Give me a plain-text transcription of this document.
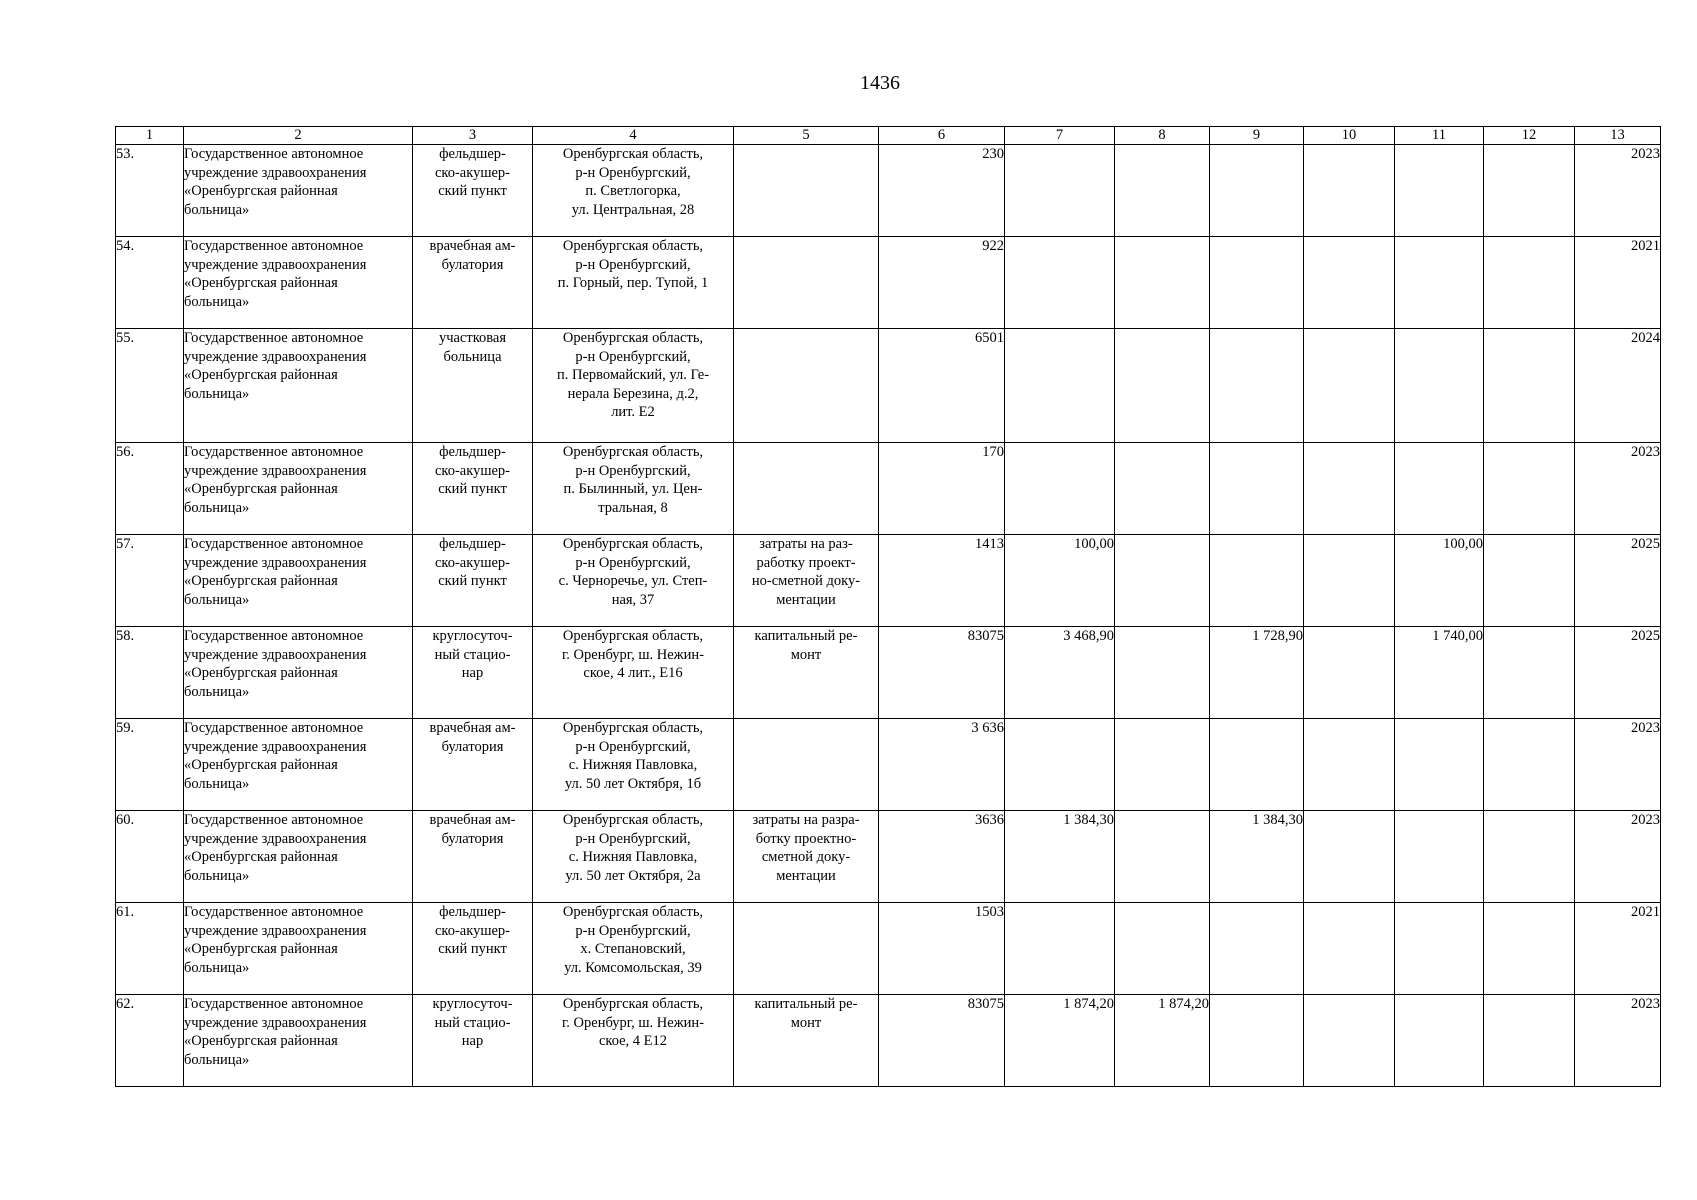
1436
1	2	3	4	5	6	7	8	9	10	11	12	13
53.	Государственное автономное
учреждение здравоохранения
«Оренбургская районная
больница»	фельдшер-
ско-акушер-
ский пункт	Оренбургская область,
р-н Оренбургский,
п. Светлогорка,
ул. Центральная, 28		230							2023
54.	Государственное автономное
учреждение здравоохранения
«Оренбургская районная
больница»	врачебная ам-
булатория	Оренбургская область,
р-н Оренбургский,
п. Горный, пер. Тупой, 1		922							2021
55.	Государственное автономное
учреждение здравоохранения
«Оренбургская районная
больница»	участковая
больница	Оренбургская область,
р-н Оренбургский,
п. Первомайский, ул. Ге-
нерала Березина, д.2,
лит. Е2		6501							2024
56.	Государственное автономное
учреждение здравоохранения
«Оренбургская районная
больница»	фельдшер-
ско-акушер-
ский пункт	Оренбургская область,
р-н Оренбургский,
п. Былинный, ул. Цен-
тральная, 8		170							2023
57.	Государственное автономное
учреждение здравоохранения
«Оренбургская районная
больница»	фельдшер-
ско-акушер-
ский пункт	Оренбургская область,
р-н Оренбургский,
с. Черноречье, ул. Степ-
ная, 37	затраты на раз-
работку проект-
но-сметной доку-
ментации	1413	100,00				100,00		2025
58.	Государственное автономное
учреждение здравоохранения
«Оренбургская районная
больница»	круглосуточ-
ный стацио-
нар	Оренбургская область,
г. Оренбург, ш. Нежин-
ское, 4 лит., Е16	капитальный ре-
монт	83075	3 468,90		1 728,90		1 740,00		2025
59.	Государственное автономное
учреждение здравоохранения
«Оренбургская районная
больница»	врачебная ам-
булатория	Оренбургская область,
р-н Оренбургский,
с. Нижняя Павловка,
ул. 50 лет Октября, 1б		3 636							2023
60.	Государственное автономное
учреждение здравоохранения
«Оренбургская районная
больница»	врачебная ам-
булатория	Оренбургская область,
р-н Оренбургский,
с. Нижняя Павловка,
ул. 50 лет Октября, 2а	затраты на разра-
ботку проектно-
сметной доку-
ментации	3636	1 384,30		1 384,30				2023
61.	Государственное автономное
учреждение здравоохранения
«Оренбургская районная
больница»	фельдшер-
ско-акушер-
ский пункт	Оренбургская область,
р-н Оренбургский,
х. Степановский,
ул. Комсомольская, 39		1503							2021
62.	Государственное автономное
учреждение здравоохранения
«Оренбургская районная
больница»	круглосуточ-
ный стацио-
нар	Оренбургская область,
г. Оренбург, ш. Нежин-
ское, 4 Е12	капитальный ре-
монт	83075	1 874,20	1 874,20					2023
